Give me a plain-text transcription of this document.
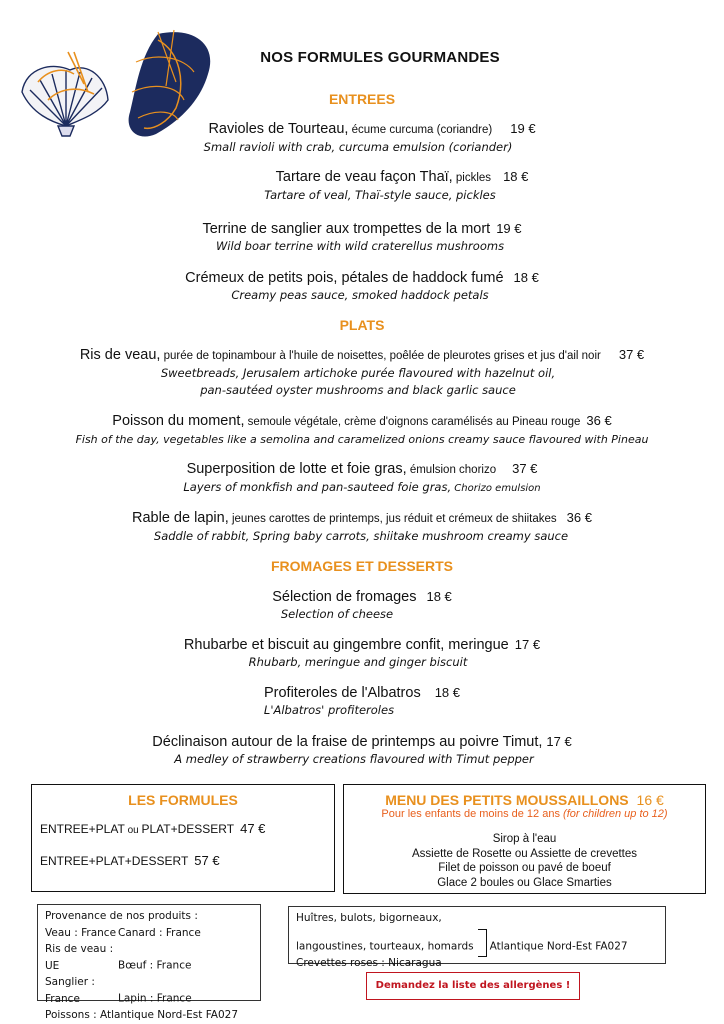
NOS FORMULES GOURMANDES
ENTREES
Ravioles de Tourteau, écume curcuma (coriandre) 19 €
Small ravioli with crab, curcuma emulsion (coriander)
Tartare de veau façon Thaï, pickles 18 €
Tartare of veal, Thaï-style sauce, pickles
Terrine de sanglier aux trompettes de la mort 19 €
Wild boar terrine with wild craterellus mushrooms
Crémeux de petits pois, pétales de haddock fumé 18 €
Creamy peas sauce, smoked haddock petals
PLATS
Ris de veau, purée de topinambour à l'huile de noisettes, poêlée de pleurotes grises et jus d'ail noir 37 €
Sweetbreads, Jerusalem artichoke purée flavoured with hazelnut oil,
pan-sautéed oyster mushrooms and black garlic sauce
Poisson du moment, semoule végétale, crème d'oignons caramélisés au Pineau rouge 36 €
Fish of the day, vegetables like a semolina and caramelized onions creamy sauce flavoured with Pineau
Superposition de lotte et foie gras, émulsion chorizo 37 €
Layers of monkfish and pan-sauteed foie gras, Chorizo emulsion
Rable de lapin, jeunes carottes de printemps, jus réduit et crémeux de shiitakes 36 €
Saddle of rabbit, Spring baby carrots, shiitake mushroom creamy sauce
FROMAGES ET DESSERTS
Sélection de fromages 18 €
Selection of cheese
Rhubarbe et biscuit au gingembre confit, meringue 17 €
Rhubarb, meringue and ginger biscuit
Profiteroles de l'Albatros 18 €
L'Albatros' profiteroles
Déclinaison autour de la fraise de printemps au poivre Timut, 17 €
A medley of strawberry creations flavoured with Timut pepper
LES FORMULES
ENTREE+PLAT ou PLAT+DESSERT 47 €
ENTREE+PLAT+DESSERT 57 €
MENU DES PETITS MOUSSAILLONS 16 €
Pour les enfants de moins de 12 ans (for children up to 12)
Sirop à l'eau
Assiette de Rosette ou Assiette de crevettes
Filet de poisson ou pavé de boeuf
Glace 2 boules ou Glace Smarties
Provenance de nos produits :
Veau : France Canard : France
Ris de veau : UE	Bœuf : France
Sanglier : France	Lapin : France
Poissons : Atlantique Nord-Est FA027
Huîtres, bulots, bigorneaux,
langoustines, tourteaux, homards Atlantique Nord-Est FA027
Crevettes roses : Nicaragua
Demandez la liste des allergènes !
